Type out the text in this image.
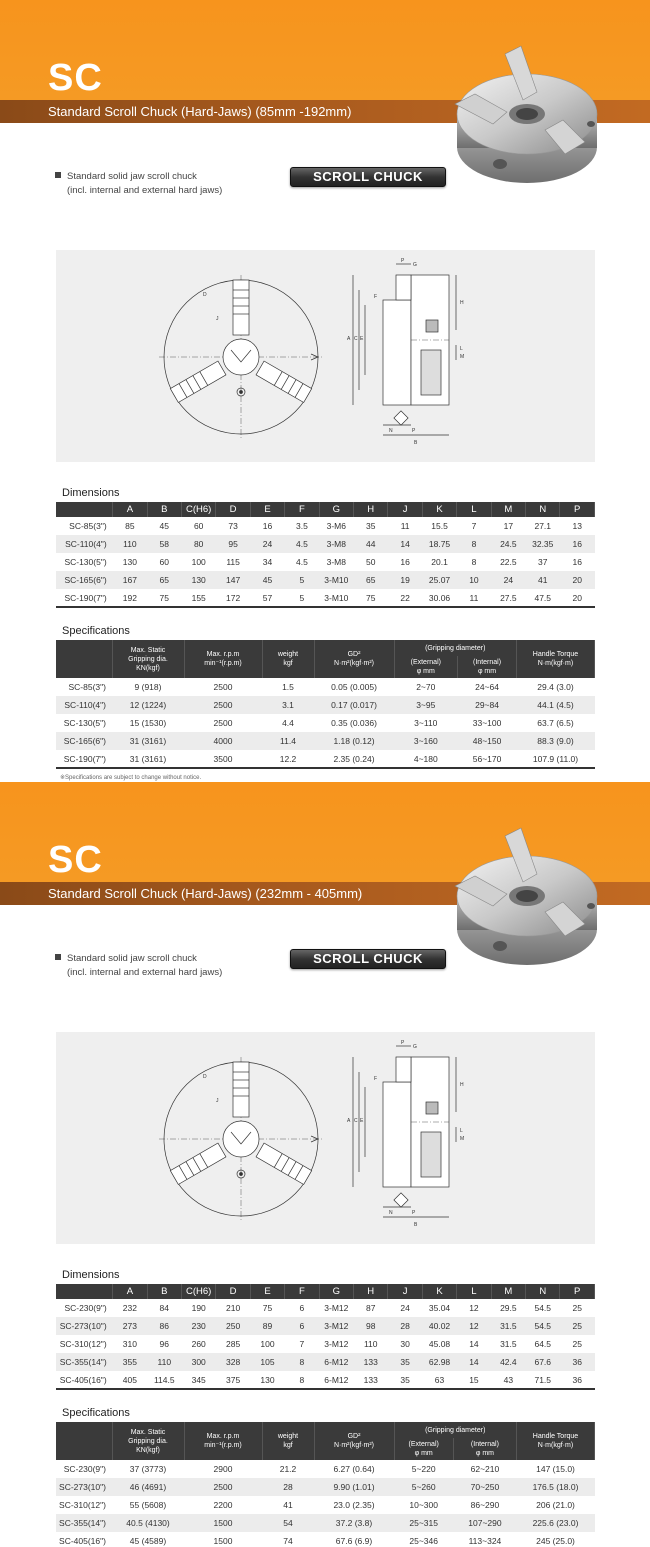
SC
Standard Scroll Chuck (Hard-Jaws) (85mm -192mm)
Standard solid jaw scroll chuck
(incl. internal and external hard jaws)
SCROLL CHUCK
P
G
F
H
L
M
A C E
N	P
B
J
D
Dimensions
	A	B	C(H6)	D	E	F	G	H	J	K	L	M	N	P
SC-85(3")	85	45	60	73	16	3.5	3-M6	35	11	15.5	7	17	27.1	13
SC-110(4")	110	58	80	95	24	4.5	3-M8	44	14	18.75	8	24.5	32.35	16
SC-130(5")	130	60	100	115	34	4.5	3-M8	50	16	20.1	8	22.5	37	16
SC-165(6")	167	65	130	147	45	5	3-M10	65	19	25.07	10	24	41	20
SC-190(7")	192	75	155	172	57	5	3-M10	75	22	30.06	11	27.5	47.5	20
Specifications
	Max. Static
Gripping dia.
KN(kgf)	Max. r.p.m
min⁻¹(r.p.m)	weight
kgf	GD²
N·m²(kgf·m²)	(Gripping diameter)		Handle Torque
N·m(kgf·m)
					(External)
φ mm	(Internal)
φ mm	
SC-85(3")	9 (918)	2500	1.5	0.05 (0.005)	2~70	24~64	29.4 (3.0)
SC-110(4")	12 (1224)	2500	3.1	0.17 (0.017)	3~95	29~84	44.1 (4.5)
SC-130(5")	15 (1530)	2500	4.4	0.35 (0.036)	3~110	33~100	63.7 (6.5)
SC-165(6")	31 (3161)	4000	11.4	1.18 (0.12)	3~160	48~150	88.3 (9.0)
SC-190(7")	31 (3161)	3500	12.2	2.35 (0.24)	4~180	56~170	107.9 (11.0)
※Specifications are subject to change without notice.
SC
Standard Scroll Chuck (Hard-Jaws) (232mm - 405mm)
Standard solid jaw scroll chuck
(incl. internal and external hard jaws)
SCROLL CHUCK
P
G
F
H
L
M
A C E
N	P
B
J
D
Dimensions
	A	B	C(H6)	D	E	F	G	H	J	K	L	M	N	P
SC-230(9")	232	84	190	210	75	6	3-M12	87	24	35.04	12	29.5	54.5	25
SC-273(10")	273	86	230	250	89	6	3-M12	98	28	40.02	12	31.5	54.5	25
SC-310(12")	310	96	260	285	100	7	3-M12	110	30	45.08	14	31.5	64.5	25
SC-355(14")	355	110	300	328	105	8	6-M12	133	35	62.98	14	42.4	67.6	36
SC-405(16")	405	114.5	345	375	130	8	6-M12	133	35	63	15	43	71.5	36
Specifications
	Max. Static
Gripping dia.
KN(kgf)	Max. r.p.m
min⁻¹(r.p.m)	weight
kgf	GD²
N·m²(kgf·m²)	(Gripping diameter)		Handle Torque
N·m(kgf·m)
					(External)
φ mm	(Internal)
φ mm	
SC-230(9")	37 (3773)	2900	21.2	6.27 (0.64)	5~220	62~210	147 (15.0)
SC-273(10")	46 (4691)	2500	28	9.90 (1.01)	5~260	70~250	176.5 (18.0)
SC-310(12")	55 (5608)	2200	41	23.0 (2.35)	10~300	86~290	206 (21.0)
SC-355(14")	40.5 (4130)	1500	54	37.2 (3.8)	25~315	107~290	225.6 (23.0)
SC-405(16")	45 (4589)	1500	74	67.6 (6.9)	25~346	113~324	245 (25.0)
